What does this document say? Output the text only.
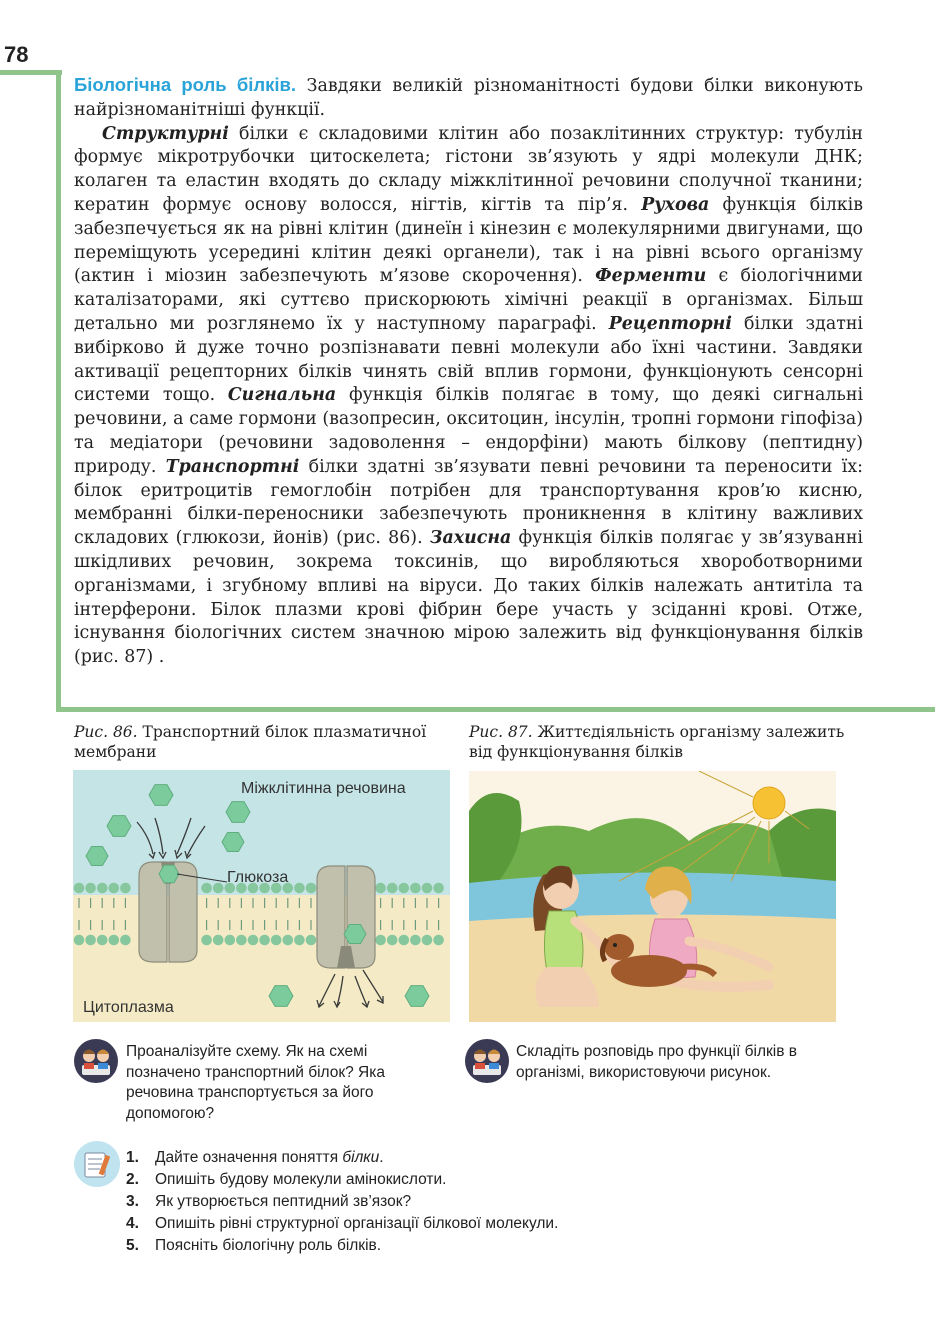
78

Біологічна роль білків. Завдяки великій різноманітності будови білки виконують найрізноманітніші функції.

Структурні білки є складовими клітин або позаклітинних структур: тубулін формує мікротрубочки цитоскелета; гістони зв’язують у ядрі молекули ДНК; колаген та еластин входять до складу міжклітинної речовини сполучної тканини; кератин формує основу волосся, нігтів, кігтів та пір’я. Рухова функція білків забезпечується як на рівні клітин (динеїн і кінезин є молекулярними двигунами, що переміщують усередині клітин деякі органели), так і на рівні всього організму (актин і міозин забезпечують м’язове скорочення). Ферменти є біологічними каталізаторами, які суттєво прискорюють хімічні реакції в організмах. Більш детально ми розглянемо їх у наступному параграфі. Рецепторні білки здатні вибірково й дуже точно розпізнавати певні молекули або їхні частини. Завдяки активації рецепторних білків чинять свій вплив гормони, функціонують сенсорні системи тощо. Сигнальна функція білків полягає в тому, що деякі сигнальні речовини, а саме гормони (вазопресин, окситоцин, інсулін, тропні гормони гіпофіза) та медіатори (речовини задоволення – ендорфіни) мають білкову (пептидну) природу. Транспортні білки здатні зв’язувати певні речовини та переносити їх: білок еритроцитів гемоглобін потрібен для транспортування кров’ю кисню, мембранні білки-переносники забезпечують проникнення в клітину важливих складових (глюкози, йонів) (рис. 86). Захисна функція білків полягає у зв’язуванні шкідливих речовин, зокрема токсинів, що виробляються хвороботворними організмами, і згубному впливі на віруси. До таких білків належать антитіла та інтерферони. Білок плазми крові фібрин бере участь у зсіданні крові. Отже, існування біологічних систем значною мірою залежить від функціонування білків (рис. 87) .

Рис. 86. Транспортний білок плазматичної мембрани
Міжклітинна речовина
Глюкоза
Цитоплазма
Рис. 87. Життєдіяльність організму залежить від функціонування білків
Проаналізуйте схему. Як на схемі позначено транспортний білок? Яка речовина транспортується за його допомогою?
Складіть розповідь про функції білків в організмі, використовуючи рисунок.
1.	Дайте означення поняття білки.
2.	Опишіть будову молекули амінокислоти.
3.	Як утворюється пептидний зв’язок?
4.	Опишіть рівні структурної організації білкової молекули.
5.	Поясніть біологічну роль білків.
